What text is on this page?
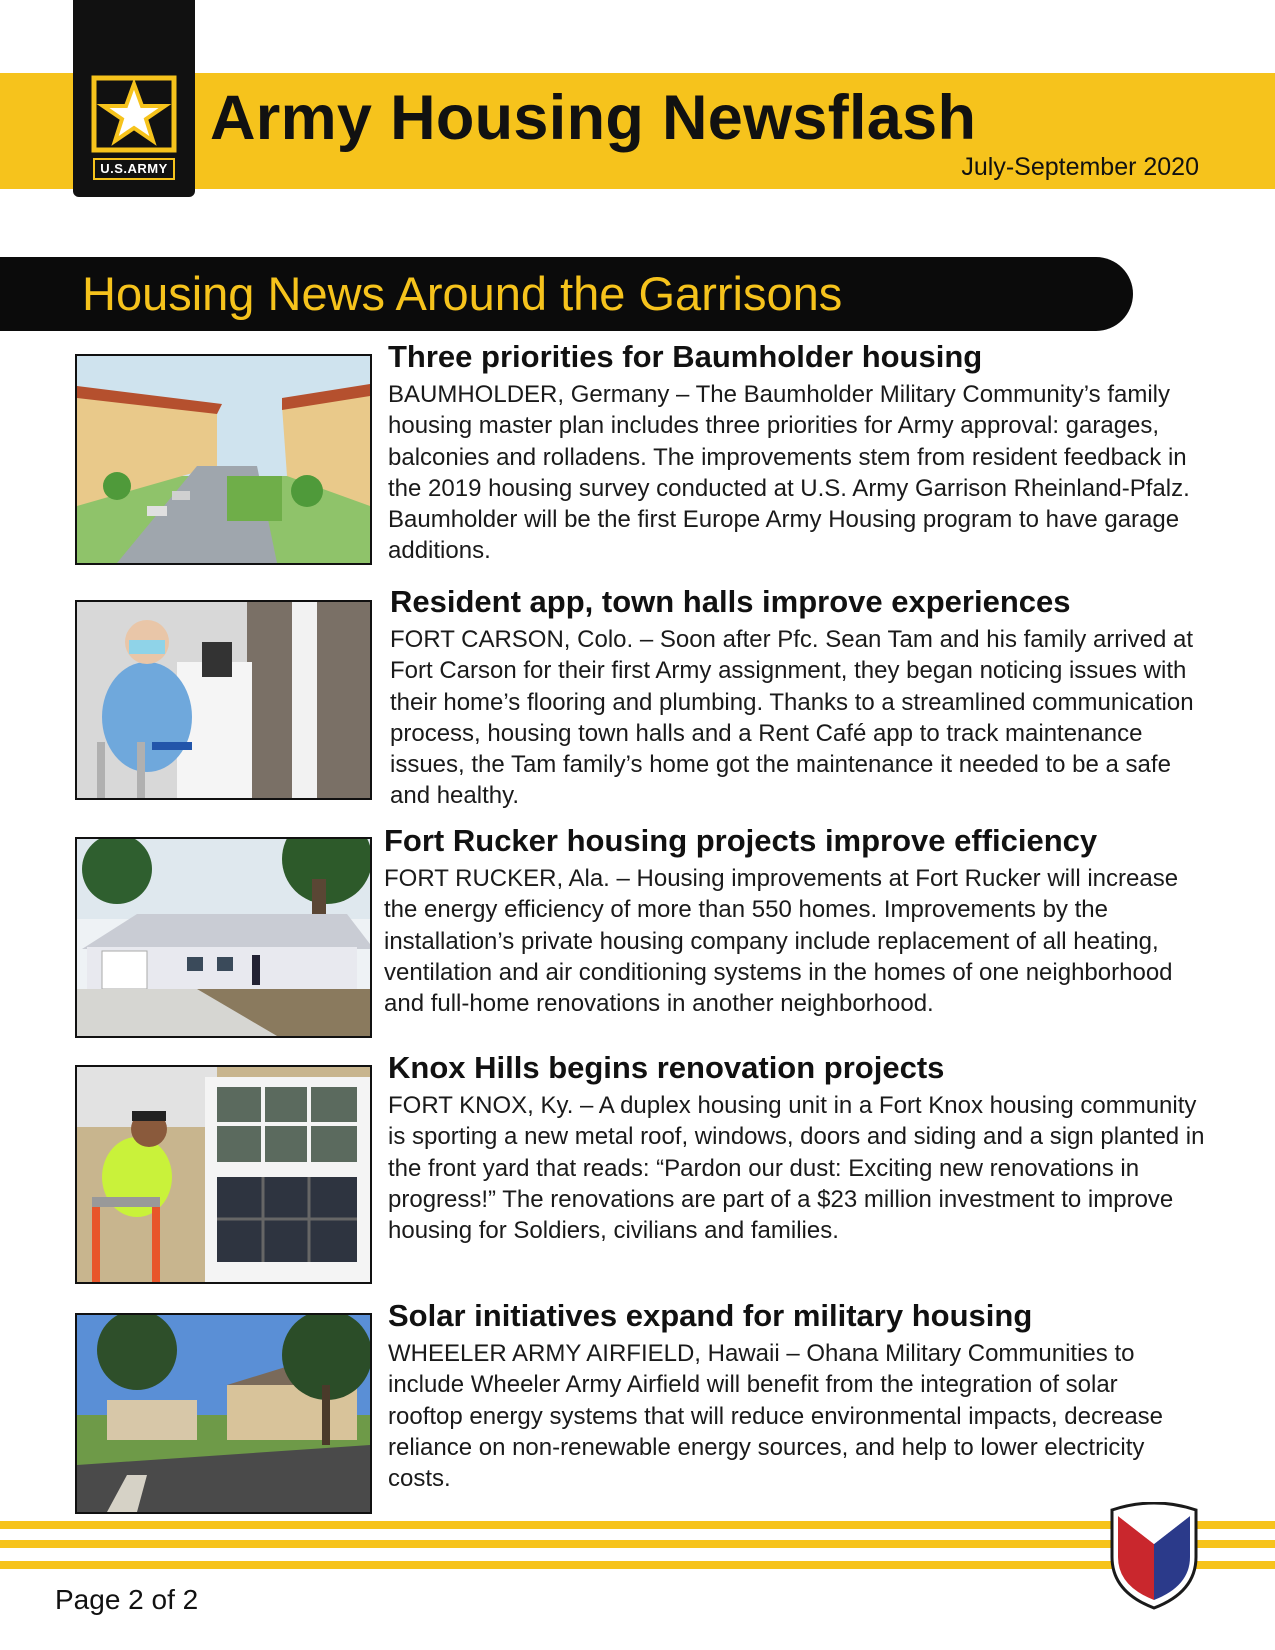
U.S.ARMY
Army Housing Newsflash
July-September 2020
Housing News Around the Garrisons
Three priorities for Baumholder housing
BAUMHOLDER, Germany – The Baumholder Military Community’s family housing master plan includes three priorities for Army approval: garages, balconies and rolladens. The improvements stem from resident feedback in the 2019 housing survey conducted at U.S. Army Garrison Rheinland-Pfalz. Baumholder will be the first Europe Army Housing program to have garage additions.
Resident app, town halls improve experiences
FORT CARSON, Colo. – Soon after Pfc. Sean Tam and his family arrived at Fort Carson for their first Army assignment, they began noticing issues with their home’s flooring and plumbing. Thanks to a streamlined communication process, housing town halls and a Rent Café app to track maintenance issues, the Tam family’s home got the maintenance it needed to be a safe and healthy.
Fort Rucker housing projects improve efficiency
FORT RUCKER, Ala. – Housing improvements at Fort Rucker will increase the energy efficiency of more than 550 homes. Improvements by the installation’s private housing company include replacement of all heating, ventilation and air conditioning systems in the homes of one neighborhood and full-home renovations in another neighborhood.
Knox Hills begins renovation projects
FORT KNOX, Ky. – A duplex housing unit in a Fort Knox housing community is sporting a new metal roof, windows, doors and siding and a sign planted in the front yard that reads: “Pardon our dust: Exciting new renovations in progress!” The renovations are part of a $23 million investment to improve housing for Soldiers, civilians and families.
Solar initiatives expand for military housing
WHEELER ARMY AIRFIELD, Hawaii – Ohana Military Communities to include Wheeler Army Airfield will benefit from the integration of solar rooftop energy systems that will reduce environmental impacts, decrease reliance on non-renewable energy sources, and help to lower electricity costs.
Page 2 of 2
